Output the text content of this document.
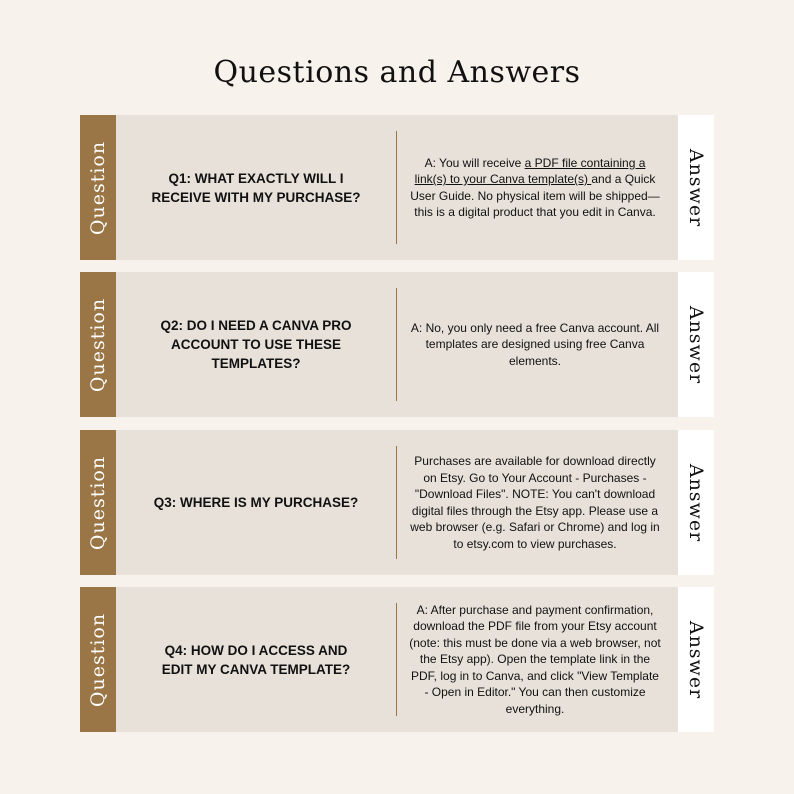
Questions and Answers
Question	Q1: WHAT EXACTLY WILL I RECEIVE WITH MY PURCHASE?
A: You will receive a PDF file containing a link(s) to your Canva template(s) and a Quick User Guide. No physical item will be shipped—this is a digital product that you edit in Canva.	Answer
Question	Q2: DO I NEED A CANVA PRO ACCOUNT TO USE THESE TEMPLATES?
A: No, you only need a free Canva account. All templates are designed using free Canva elements.	Answer
Question	Q3: WHERE IS MY PURCHASE?
Purchases are available for download directly on Etsy. Go to Your Account - Purchases - "Download Files". NOTE: You can't download digital files through the Etsy app. Please use a web browser (e.g. Safari or Chrome) and log in to etsy.com to view purchases.
Answer
Question	Q4: HOW DO I ACCESS AND EDIT MY CANVA TEMPLATE?
A: After purchase and payment confirmation, download the PDF file from your Etsy account (note: this must be done via a web browser, not the Etsy app). Open the template link in the PDF, log in to Canva, and click "View Template - Open in Editor." You can then customize everything.
Answer
